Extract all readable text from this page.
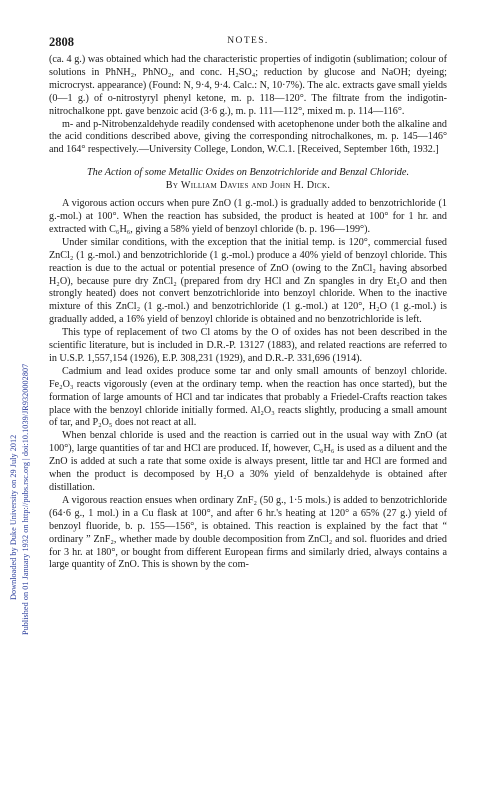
Downloaded by Duke University on 29 July 2012 Published on 01 January 1932 on http://pubs.rsc.org | doi:10.1039/JR9320002807
2808	NOTES.

(ca. 4 g.) was obtained which had the characteristic properties of indigotin (sublimation; colour of solutions in PhNH₂, PhNO₂, and conc. H₂SO₄; reduction by glucose and NaOH; dyeing; microcryst. appearance) (Found: N, 9·4, 9·4. Calc.: N, 10·7%). The alc. extracts gave small yields (0—1 g.) of o-nitrostyryl phenyl ketone, m. p. 118—120°. The filtrate from the indigotin-nitrochalkone ppt. gave benzoic acid (3·6 g.), m. p. 111—112°, mixed m. p. 114—116°.

m- and p-Nitrobenzaldehyde readily condensed with acetophenone under both the alkaline and the acid conditions described above, giving the corresponding nitrochalkones, m. p. 145—146° and 164° respectively.—University College, London, W.C.1. [Received, September 16th, 1932.]

The Action of some Metallic Oxides on Benzotrichloride and Benzal Chloride.

By William Davies and John H. Dick.

A vigorous action occurs when pure ZnO (1 g.-mol.) is gradually added to benzotrichloride (1 g.-mol.) at 100°. When the reaction has subsided, the product is heated at 100° for 1 hr. and extracted with C₆H₆, giving a 58% yield of benzoyl chloride (b. p. 196—199°).

Under similar conditions, with the exception that the initial temp. is 120°, commercial fused ZnCl₂ (1 g.-mol.) and benzotrichloride (1 g.-mol.) produce a 40% yield of benzoyl chloride. This reaction is due to the actual or potential presence of ZnO (owing to the ZnCl₂ having absorbed H₂O), because pure dry ZnCl₂ (prepared from dry HCl and Zn spangles in dry Et₂O and then strongly heated) does not convert benzotrichloride into benzoyl chloride. When to the inactive mixture of this ZnCl₂ (1 g.-mol.) and benzotrichloride (1 g.-mol.) at 120°, H₂O (1 g.-mol.) is gradually added, a 16% yield of benzoyl chloride is obtained and no benzotrichloride is left.

This type of replacement of two Cl atoms by the O of oxides has not been described in the scientific literature, but is included in D.R.-P. 13127 (1883), and related reactions are referred to in U.S.P. 1,557,154 (1926), E.P. 308,231 (1929), and D.R.-P. 331,696 (1914).

Cadmium and lead oxides produce some tar and only small amounts of benzoyl chloride. Fe₂O₃ reacts vigorously (even at the ordinary temp. when the reaction has once started), but the formation of large amounts of HCl and tar indicates that probably a Friedel-Crafts reaction takes place with the benzoyl chloride initially formed. Al₂O₃ reacts slightly, producing a small amount of tar, and P₂O₅ does not react at all.

When benzal chloride is used and the reaction is carried out in the usual way with ZnO (at 100°), large quantities of tar and HCl are produced. If, however, C₆H₆ is used as a diluent and the ZnO is added at such a rate that some oxide is always present, little tar and HCl are formed and when the product is decomposed by H₂O a 30% yield of benzaldehyde is obtained after distillation.

A vigorous reaction ensues when ordinary ZnF₂ (50 g., 1·5 mols.) is added to benzotrichloride (64·6 g., 1 mol.) in a Cu flask at 100°, and after 6 hr.'s heating at 120° a 65% (27 g.) yield of benzoyl fluoride, b. p. 155—156°, is obtained. This reaction is explained by the fact that “ ordinary ” ZnF₂, whether made by double decomposition from ZnCl₂ and sol. fluorides and dried for 3 hr. at 180°, or bought from different European firms and similarly dried, always contains a large quantity of ZnO. This is shown by the com-
